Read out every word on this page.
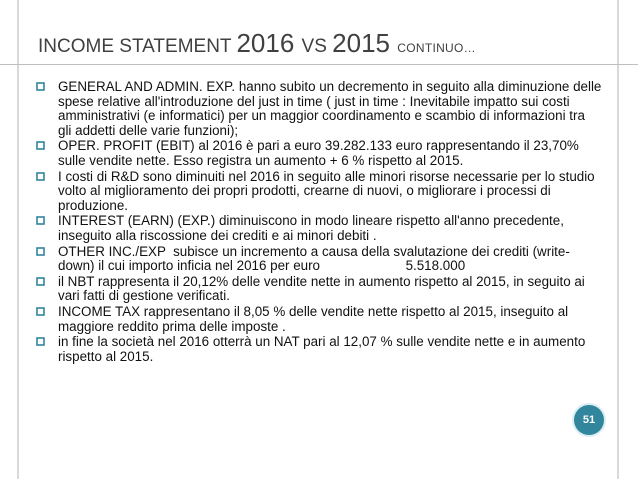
INCOME STATEMENT 2016 VS 2015 CONTINUO…
GENERAL AND ADMIN. EXP. hanno subito un decremento in seguito alla diminuzione delle spese relative all'introduzione del just in time ( just in time : Inevitabile impatto sui costi amministrativi (e informatici) per un maggior coordinamento e scambio di informazioni tra gli addetti delle varie funzioni);
OPER. PROFIT (EBIT) al 2016 è pari a euro 39.282.133 euro rappresentando il 23,70% sulle vendite nette. Esso registra un aumento + 6 % rispetto al 2015.
I costi di R&D sono diminuiti nel 2016 in seguito alle minori risorse necessarie per lo studio volto al miglioramento dei propri prodotti, crearne di nuovi, o migliorare i processi di produzione.
INTEREST (EARN) (EXP.) diminuiscono in modo lineare rispetto all'anno precedente, inseguito alla riscossione dei crediti e ai minori debiti .
OTHER INC./EXP  subisce un incremento a causa della svalutazione dei crediti (write-down) il cui importo inficia nel 2016 per euro                       5.518.000
il NBT rappresenta il 20,12% delle vendite nette in aumento rispetto al 2015, in seguito ai vari fatti di gestione verificati.
INCOME TAX rappresentano il 8,05 % delle vendite nette rispetto al 2015, inseguito al maggiore reddito prima delle imposte .
in fine la società nel 2016 otterrà un NAT pari al 12,07 % sulle vendite nette e in aumento rispetto al 2015.
51
